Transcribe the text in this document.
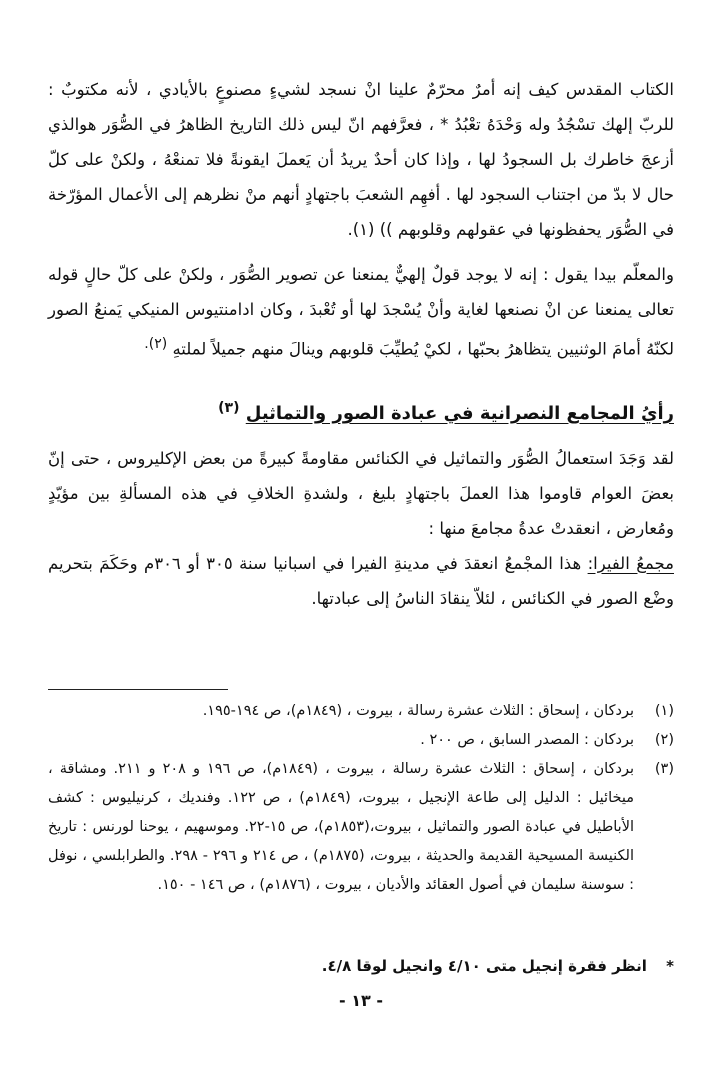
الكتاب المقدس كيف إنه أمرٌ محرّمٌ علينا انْ نسجد لشيءٍ مصنوعٍ بالأيادي ، لأنه مكتوبٌ : للربّ إلهك تسْجُدُ وله وَحْدَهُ تعْبُدُ * ، فعرَّفهم انّ ليس ذلك التاريخ الظاهرُ في الصُّوَر هوالذي أزعجَ خاطرك بل السجودُ لها ، وإذا كان أحدٌ يريدُ أن يَعملَ ايقونةً فلا تمنعْهُ ، ولكنْ على كلّ حال لا بدّ من اجتناب السجود لها . أفهِم الشعبَ باجتهادٍ أنهم منْ نظرهم إلى الأعمال المؤرّخة في الصُّوَر يحفظونها في عقولهم وقلوبهم )) (١).

والمعلّم بيدا يقول : إنه لا يوجد قولٌ إلهيٌّ يمنعنا عن تصوير الصُّوَر ، ولكنْ على كلّ حالٍ قوله تعالى يمنعنا عن انْ نصنعها لغاية وأنْ يُسْجدَ لها أو تُعْبدَ ، وكان ادامنتيوس المنيكي يَمنعُ الصور لكنّهُ أمامَ الوثنيين يتظاهرُ بحبّها ، لكيْ يُطيِّبَ قلوبهم وينالَ منهم جميلاً لملتهِ $^{(٢).}$

رأيُ المجامع النصرانية في عبادة الصور والتماثيل $^{(٣)}$

لقد وَجَدَ استعمالُ الصُّوَر والتماثيل في الكنائس مقاومةً كبيرةً من بعض الإكليروس ، حتى إنّ بعضَ العوام قاوموا هذا العملَ باجتهادٍ بليغ ، ولشدةِ الخلافِ في هذه المسألةِ بين مؤيّدٍ ومُعارض ، انعقدتْ عدةُ مجامعَ منها :

مجمعُ الفيرا: هذا المجْمعُ انعقدَ في مدينةِ الفيرا في اسبانيا سنة ٣٠٥ أو ٣٠٦م وحَكَمَ بتحريم وضْع الصور في الكنائس ، لئلاّ ينقادَ الناسُ إلى عبادتها.

(١)
بردكان ، إسحاق : الثلاث عشرة رسالة ، بيروت ، (١٨٤٩م)، ص ١٩٤-١٩٥.
(٢)
بردكان : المصدر السابق ، ص ٢٠٠ .
(٣)
بردكان ، إسحاق : الثلاث عشرة رسالة ، بيروت ، (١٨٤٩م)، ص ١٩٦ و ٢٠٨ و ٢١١. ومشاقة ، ميخائيل : الدليل إلى طاعة الإنجيل ، بيروت، (١٨٤٩م) ، ص ١٢٢. وفنديك ، كرنيليوس : كشف الأباطيل في عبادة الصور والتماثيل ، بيروت،(١٨٥٣م)، ص ١٥-٢٢. وموسهيم ، يوحنا لورنس : تاريخ الكنيسة المسيحية القديمة والحديثة ، بيروت، (١٨٧٥م) ، ص ٢١٤ و ٢٩٦ - ٢٩٨. والطرابلسي ، نوفل : سوسنة سليمان في أصول العقائد والأديان ، بيروت ، (١٨٧٦م) ، ص ١٤٦ - ١٥٠.
* انظر فقرة إنجيل متى ٤/١٠ وانجيل لوقا ٤/٨.
- ١٣ -
